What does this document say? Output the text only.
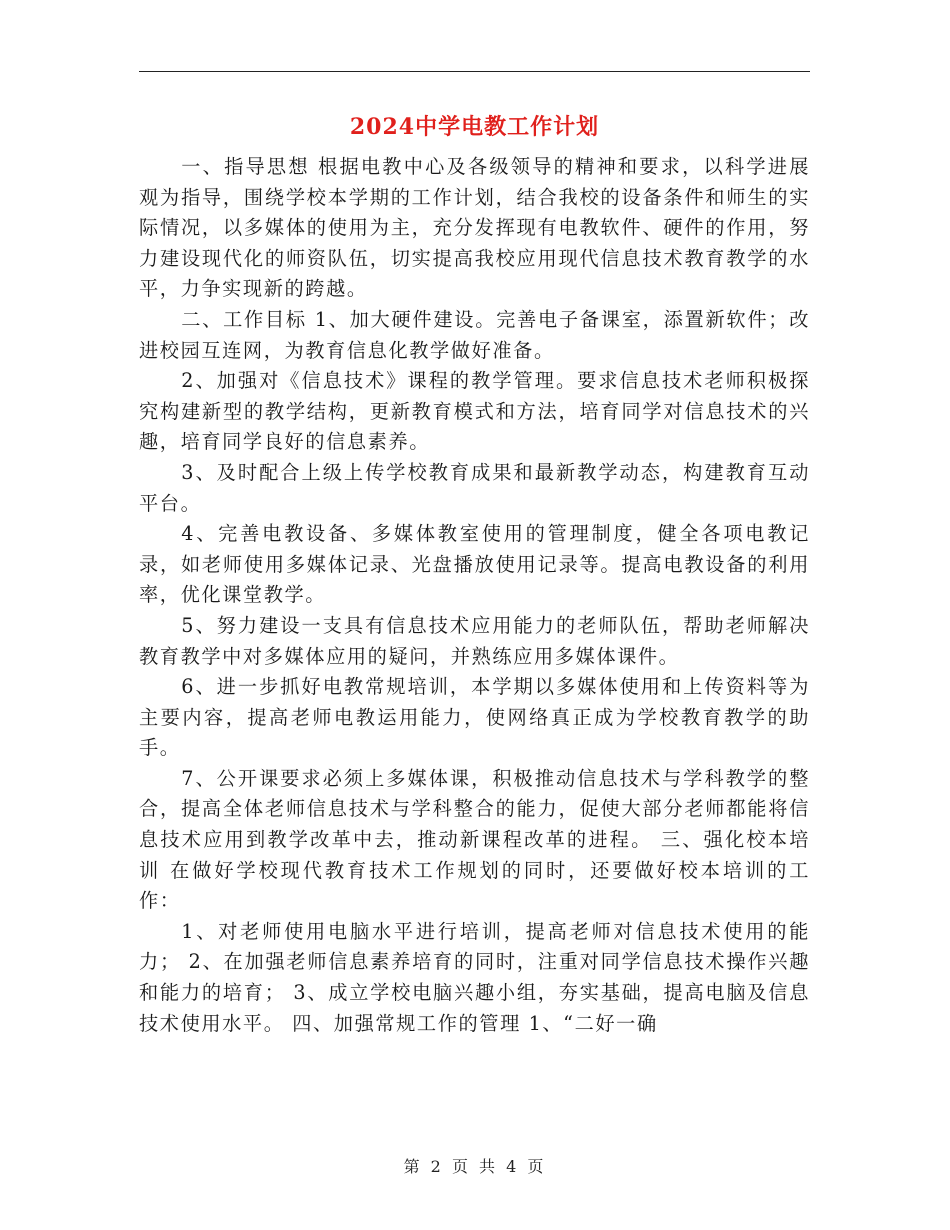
2024中学电教工作计划

一、指导思想 根据电教中心及各级领导的精神和要求，以科学进展观为指导，围绕学校本学期的工作计划，结合我校的设备条件和师生的实际情况，以多媒体的使用为主，充分发挥现有电教软件、硬件的作用，努力建设现代化的师资队伍，切实提高我校应用现代信息技术教育教学的水平，力争实现新的跨越。

二、工作目标 1、加大硬件建设。完善电子备课室，添置新软件；改进校园互连网，为教育信息化教学做好准备。

2、加强对《信息技术》课程的教学管理。要求信息技术老师积极探究构建新型的教学结构，更新教育模式和方法，培育同学对信息技术的兴趣，培育同学良好的信息素养。

3、及时配合上级上传学校教育成果和最新教学动态，构建教育互动平台。

4、完善电教设备、多媒体教室使用的管理制度，健全各项电教记录，如老师使用多媒体记录、光盘播放使用记录等。提高电教设备的利用率，优化课堂教学。

5、努力建设一支具有信息技术应用能力的老师队伍，帮助老师解决教育教学中对多媒体应用的疑问，并熟练应用多媒体课件。

6、进一步抓好电教常规培训，本学期以多媒体使用和上传资料等为主要内容，提高老师电教运用能力，使网络真正成为学校教育教学的助手。

7、公开课要求必须上多媒体课，积极推动信息技术与学科教学的整合，提高全体老师信息技术与学科整合的能力，促使大部分老师都能将信息技术应用到教学改革中去，推动新课程改革的进程。 三、强化校本培训 在做好学校现代教育技术工作规划的同时，还要做好校本培训的工作：

1、对老师使用电脑水平进行培训，提高老师对信息技术使用的能力； 2、在加强老师信息素养培育的同时，注重对同学信息技术操作兴趣和能力的培育； 3、成立学校电脑兴趣小组，夯实基础，提高电脑及信息技术使用水平。 四、加强常规工作的管理 1、“二好一确

第 2 页 共 4 页
